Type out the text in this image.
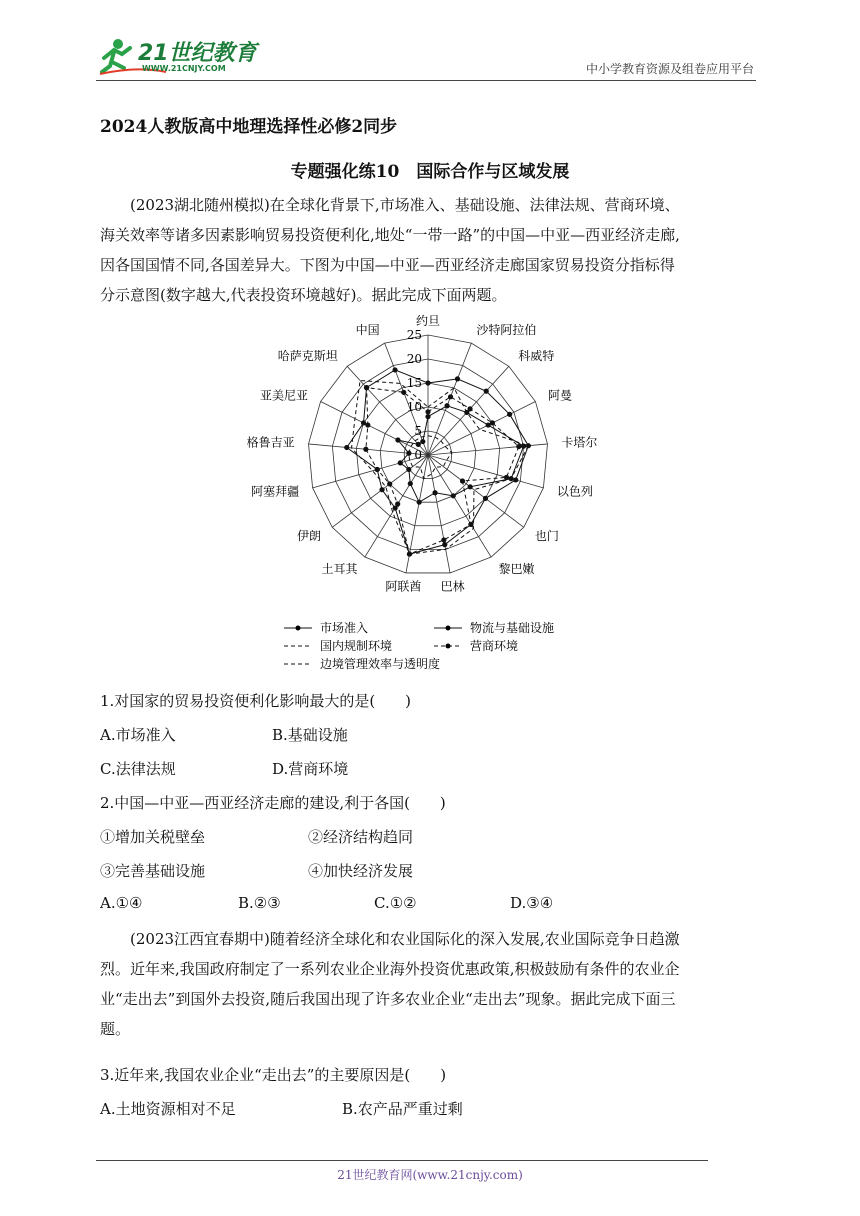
21世纪教育
WWW.21CNJY.COM	中小学教育资源及组卷应用平台
2024人教版高中地理选择性必修2同步
专题强化练10　国际合作与区域发展
(2023湖北随州模拟)在全球化背景下,市场准入、基础设施、法律法规、营商环境、
海关效率等诸多因素影响贸易投资便利化,地处“一带一路”的中国—中亚—西亚经济走廊,
因各国国情不同,各国差异大。下图为中国—中亚—西亚经济走廊国家贸易投资分指标得
分示意图(数字越大,代表投资环境越好)。据此完成下面两题。
0
5
10
15
20
25
约旦
沙特阿拉伯
科威特
阿曼
卡塔尔
以色列
也门
黎巴嫩
巴林
阿联酋
土耳其
伊朗
阿塞拜疆
格鲁吉亚
亚美尼亚
哈萨克斯坦
中国
市场准入	物流与基础设施
国内规制环境	营商环境
边境管理效率与透明度
1.对国家的贸易投资便利化影响最大的是(　　)
A.市场准入	B.基础设施
C.法律法规	D.营商环境
2.中国—中亚—西亚经济走廊的建设,利于各国(　　)
①增加关税壁垒	②经济结构趋同
③完善基础设施	④加快经济发展
A.①④	B.②③	C.①②	D.③④
(2023江西宜春期中)随着经济全球化和农业国际化的深入发展,农业国际竞争日趋激
烈。近年来,我国政府制定了一系列农业企业海外投资优惠政策,积极鼓励有条件的农业企
业“走出去”到国外去投资,随后我国出现了许多农业企业“走出去”现象。据此完成下面三
题。
3.近年来,我国农业企业“走出去”的主要原因是(　　)
A.土地资源相对不足	B.农产品严重过剩
21世纪教育网(www.21cnjy.com)
